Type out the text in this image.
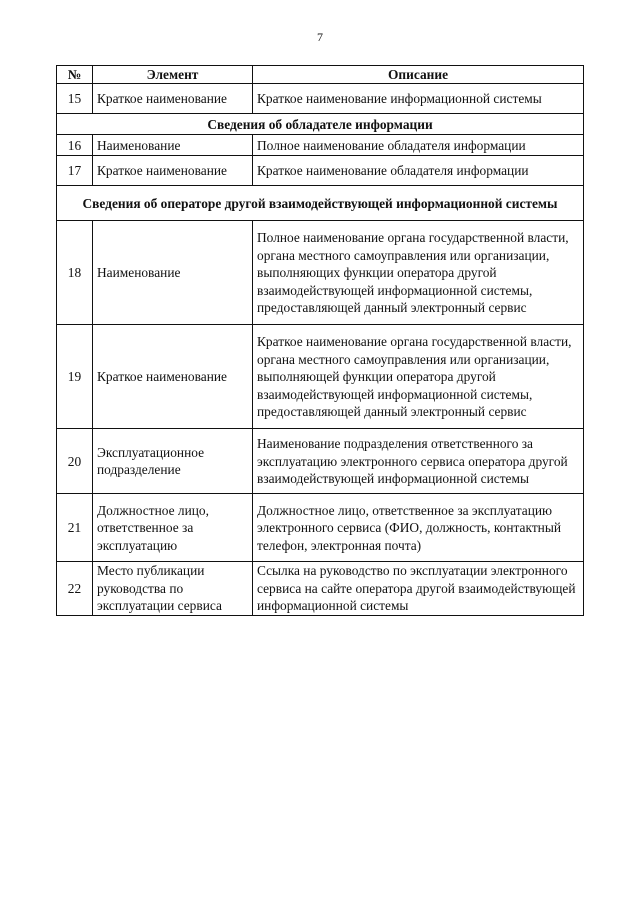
7
№	Элемент	Описание
15	Краткое наименование	Краткое наименование информационной системы
Сведения об обладателе информации		
16	Наименование	Полное наименование обладателя информации
17	Краткое наименование	Краткое наименование обладателя информации
Сведения об операторе другой взаимодействующей информационной системы		
18	Наименование	Полное наименование органа государственной власти, органа местного самоуправления или организации, выполняющих функции оператора другой взаимодействующей информационной системы, предоставляющей данный электронный сервис
19	Краткое наименование	Краткое наименование органа государственной власти, органа местного самоуправления или организации, выполняющей функции оператора другой взаимодействующей информационной системы, предоставляющей данный электронный сервис
20	Эксплуатационное подразделение	Наименование подразделения ответственного за эксплуатацию электронного сервиса оператора другой взаимодействующей информационной системы
21	Должностное лицо, ответственное за эксплуатацию	Должностное лицо, ответственное за эксплуатацию электронного сервиса (ФИО, должность, контактный телефон, электронная почта)
22	Место публикации руководства по эксплуатации сервиса	Ссылка на руководство по эксплуатации электронного сервиса на сайте оператора другой взаимодействующей информационной системы
